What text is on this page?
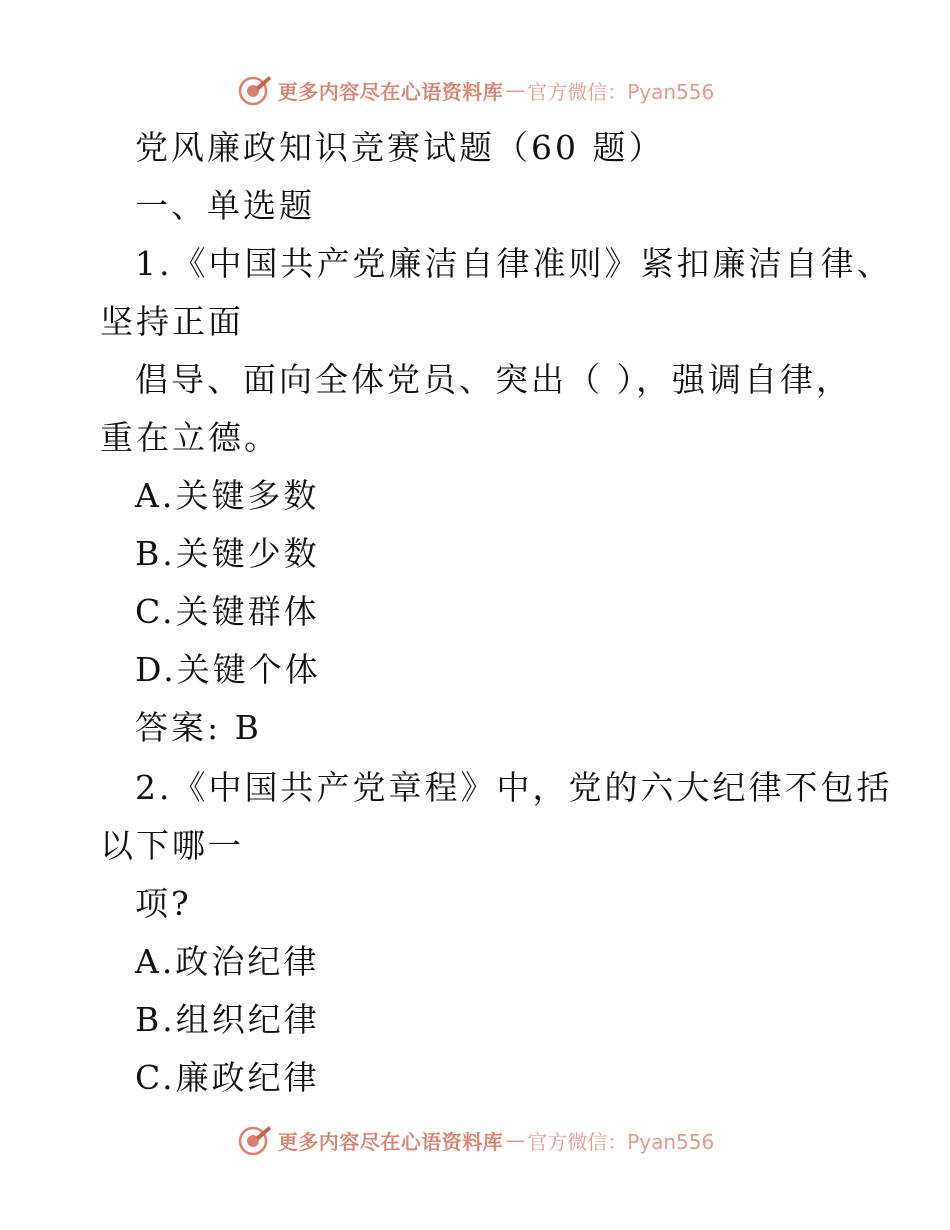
更多内容尽在心语资料库 — 官方微信：Pyan556
党风廉政知识竞赛试题（60 题）
一、单选题
1.《中国共产党廉洁自律准则》紧扣廉洁自律、
坚持正面
倡导、面向全体党员、突出（ ），强调自律，
重在立德。
A.关键多数
B.关键少数
C.关键群体
D.关键个体
答案: B
2.《中国共产党章程》中，党的六大纪律不包括
以下哪一
项?
A.政治纪律
B.组织纪律
C.廉政纪律
更多内容尽在心语资料库 — 官方微信：Pyan556
